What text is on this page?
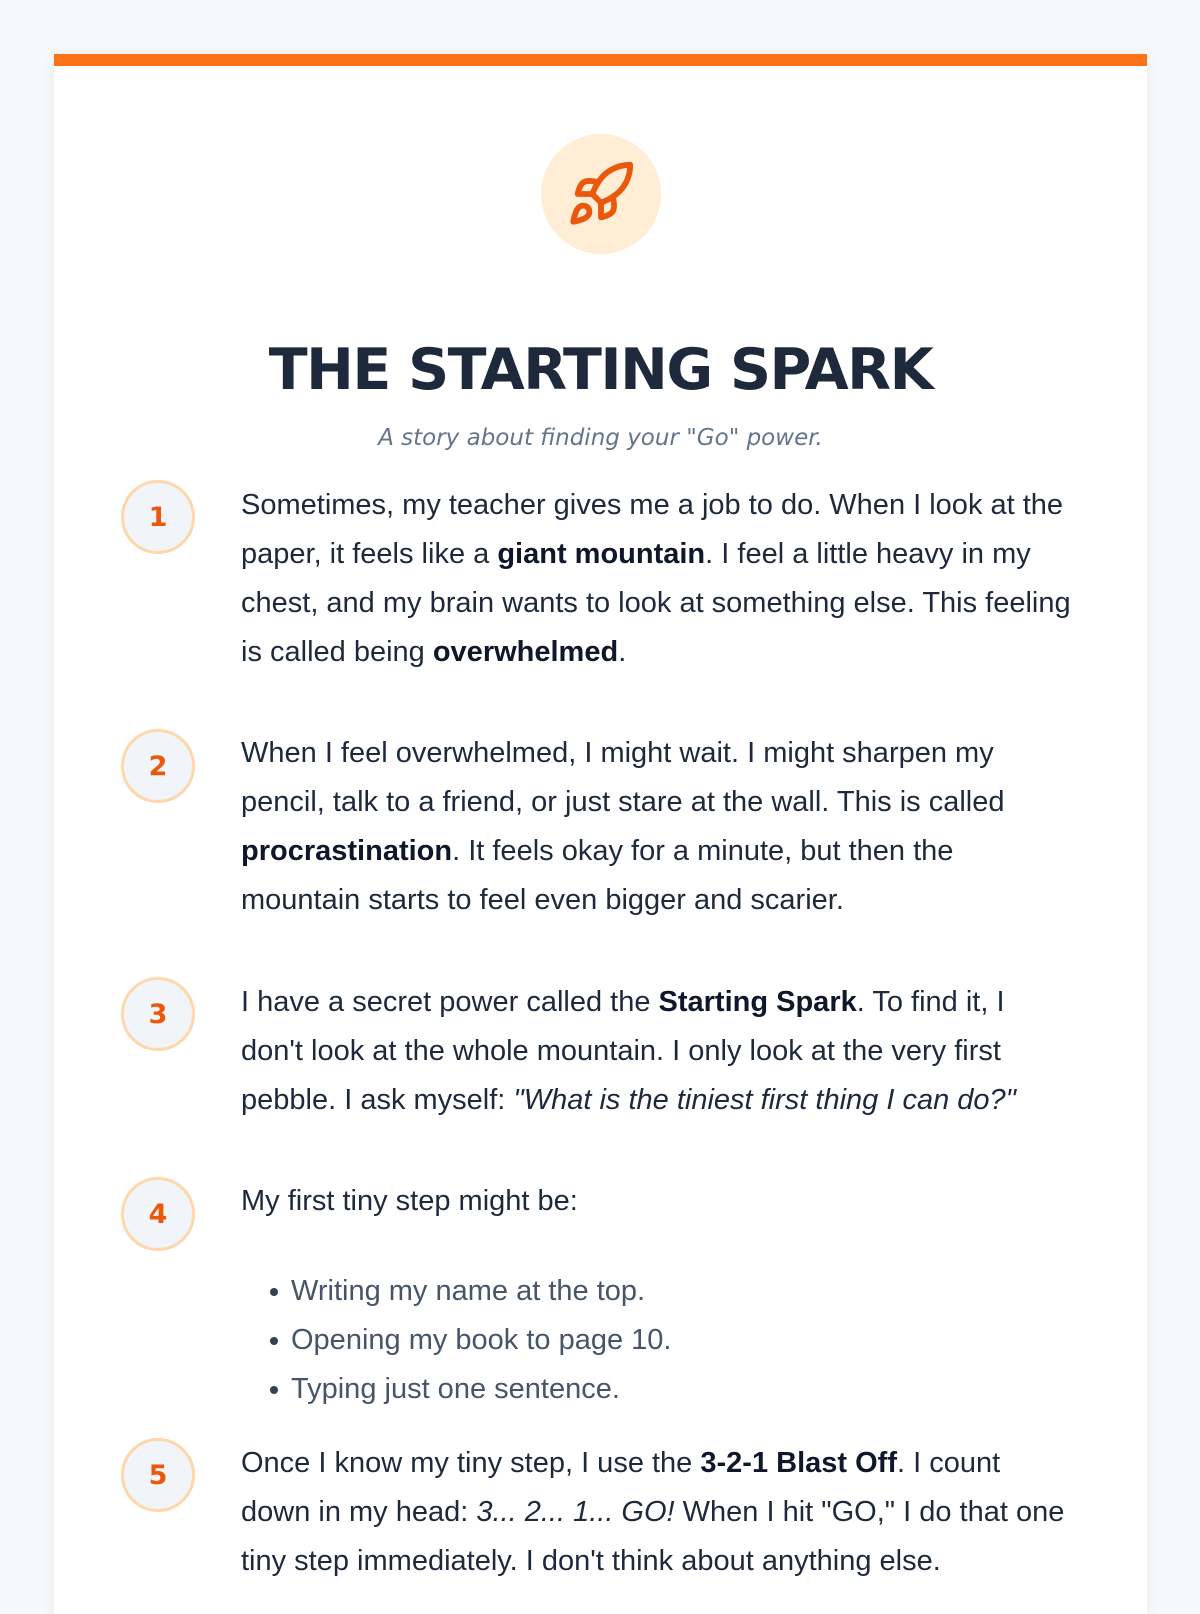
THE STARTING SPARK

A story about finding your "Go" power.

1	Sometimes, my teacher gives me a job to do. When I look at the paper, it feels like a giant mountain. I feel a little heavy in my chest, and my brain wants to look at something else. This feeling is called being overwhelmed.

2	When I feel overwhelmed, I might wait. I might sharpen my pencil, talk to a friend, or just stare at the wall. This is called procrastination. It feels okay for a minute, but then the mountain starts to feel even bigger and scarier.

3	I have a secret power called the Starting Spark. To find it, I don't look at the whole mountain. I only look at the very first pebble. I ask myself: "What is the tiniest first thing I can do?"

4	My first tiny step might be:

Writing my name at the top.
Opening my book to page 10.
Typing just one sentence.
5	Once I know my tiny step, I use the 3-2-1 Blast Off. I count down in my head: 3... 2... 1... GO! When I hit "GO," I do that one tiny step immediately. I don't think about anything else.
